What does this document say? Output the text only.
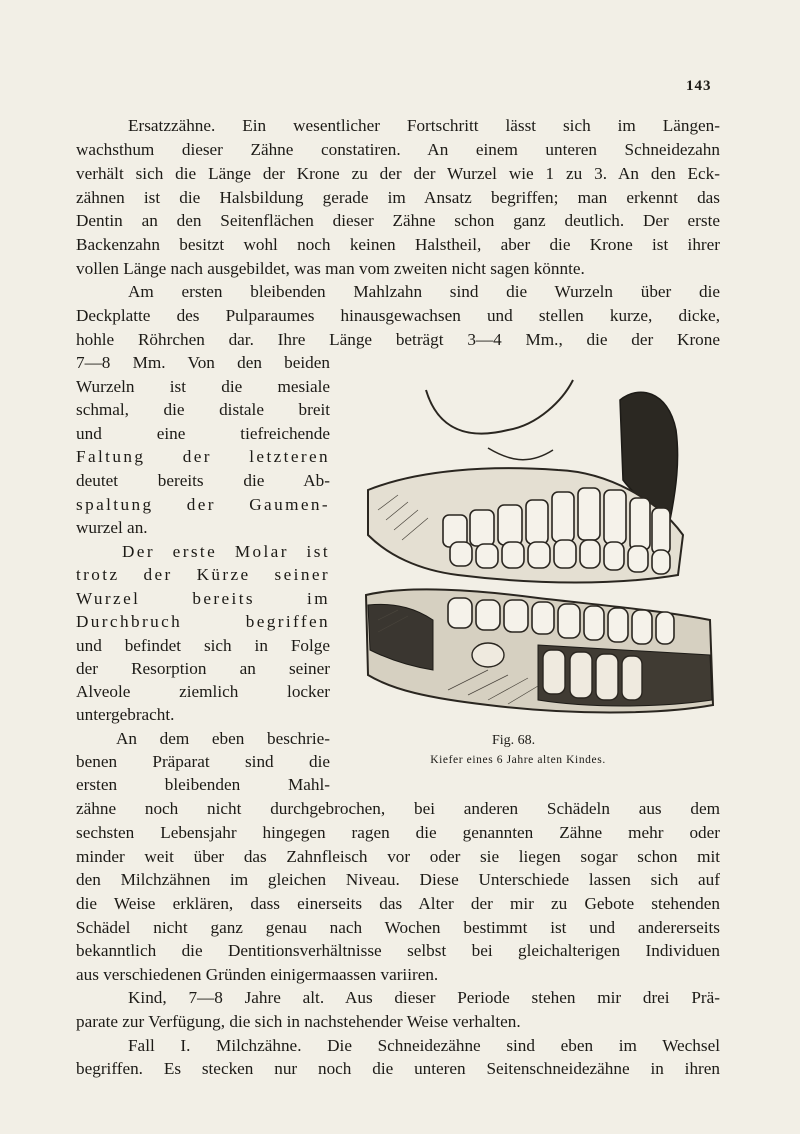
143
Ersatzzähne. Ein wesentlicher Fortschritt lässt sich im Längen-
wachsthum dieser Zähne constatiren. An einem unteren Schneidezahn
verhält sich die Länge der Krone zu der der Wurzel wie 1 zu 3. An den Eck-
zähnen ist die Halsbildung gerade im Ansatz begriffen; man erkennt das
Dentin an den Seitenflächen dieser Zähne schon ganz deutlich. Der erste
Backenzahn besitzt wohl noch keinen Halstheil, aber die Krone ist ihrer
vollen Länge nach ausgebildet, was man vom zweiten nicht sagen könnte.
Am ersten bleibenden Mahlzahn sind die Wurzeln über die
Deckplatte des Pulparaumes hinausgewachsen und stellen kurze, dicke,
hohle Röhrchen dar. Ihre Länge beträgt 3—4 Mm., die der Krone
7—8 Mm. Von den beiden
Wurzeln ist die mesiale
schmal, die distale breit
und eine tiefreichende
Faltung der letzteren
deutet bereits die Ab-
spaltung der Gaumen-
wurzel an.
Der erste Molar ist
trotz der Kürze seiner
Wurzel bereits im
Durchbruch begriffen
und befindet sich in Folge
der Resorption an seiner
Alveole ziemlich locker
untergebracht.
An dem eben beschrie-
benen Präparat sind die
ersten bleibenden Mahl-
zähne noch nicht durchgebrochen, bei anderen Schädeln aus dem
sechsten Lebensjahr hingegen ragen die genannten Zähne mehr oder
minder weit über das Zahnfleisch vor oder sie liegen sogar schon mit
den Milchzähnen im gleichen Niveau. Diese Unterschiede lassen sich auf
die Weise erklären, dass einerseits das Alter der mir zu Gebote stehenden
Schädel nicht ganz genau nach Wochen bestimmt ist und andererseits
bekanntlich die Dentitionsverhältnisse selbst bei gleichalterigen Individuen
aus verschiedenen Gründen einigermaassen variiren.
Kind, 7—8 Jahre alt. Aus dieser Periode stehen mir drei Prä-
parate zur Verfügung, die sich in nachstehender Weise verhalten.
Fall I. Milchzähne. Die Schneidezähne sind eben im Wechsel
begriffen. Es stecken nur noch die unteren Seitenschneidezähne in ihren
Fig. 68.
Kiefer eines 6 Jahre alten Kindes.
